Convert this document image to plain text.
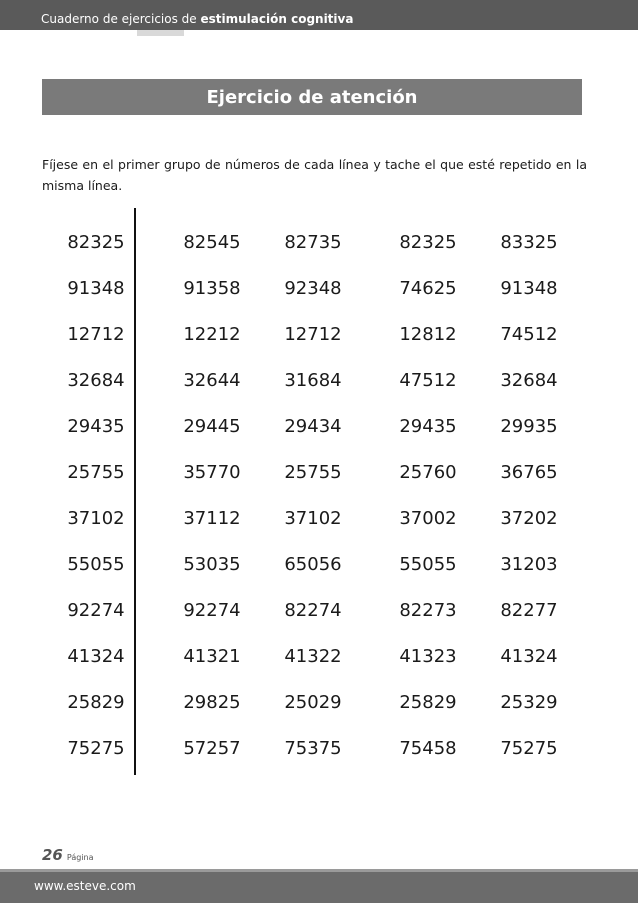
Cuaderno de ejercicios de estimulación cognitiva
Ejercicio de atención
Fíjese en el primer grupo de números de cada línea y tache el que esté repetido en la misma línea.
82325	82545	82735	82325	83325
91348	91358	92348	74625	91348
12712	12212	12712	12812	74512
32684	32644	31684	47512	32684
29435	29445	29434	29435	29935
25755	35770	25755	25760	36765
37102	37112	37102	37002	37202
55055	53035	65056	55055	31203
92274	92274	82274	82273	82277
41324	41321	41322	41323	41324
25829	29825	25029	25829	25329
75275	57257	75375	75458	75275
26 Página
www.esteve.com
